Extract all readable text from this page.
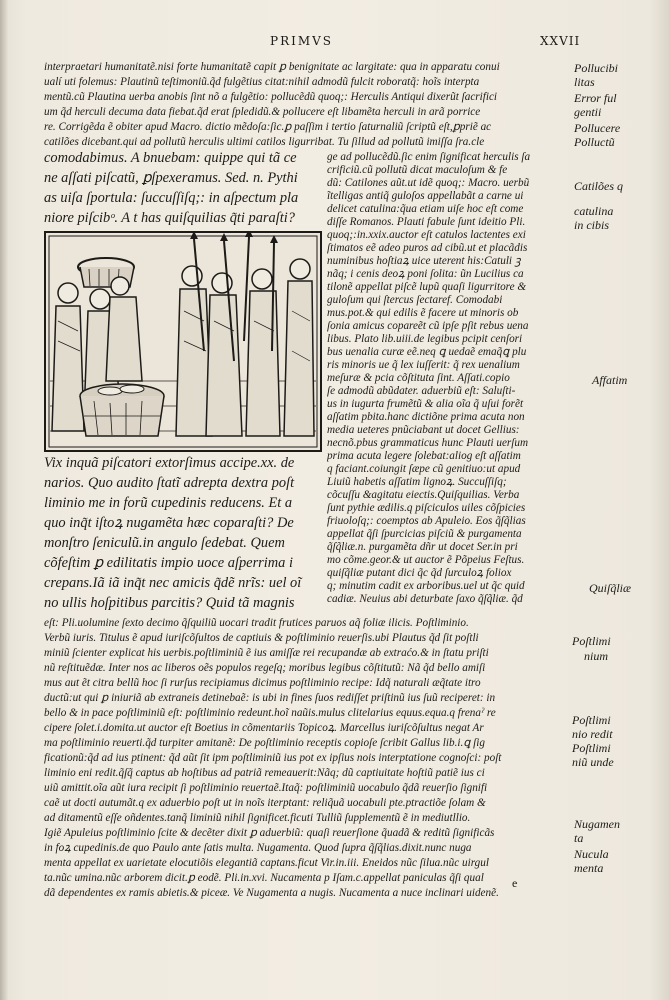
PRIMVS	XXVII
interpraetari humanitatẽ.nisi forte humanitatẽ capit ꝑ benignitate ac largitate: qua in apparatu conui
ualí uti folemus: Plautinũ teſtimoniũ.q̃d fulgẽtius citat:nihil admodũ fulcit roboratq̃: hoĩs interpta
mentũ.cũ Plautina uerba anobis ſint nõ a fulgẽtio: pollucẽdũ quoq;: Herculis Antiqui dixerũt ſacrifici
um q̃d herculi decuma data fiebat.q̃d erat ſpledidũ.& pollucere eſt libamẽta herculi in arã porrice
re. Corrigẽda ẽ obiter apud Macro. dictio mẽdoſa:ſic.ꝑ paſſim i tertio ſaturnaliũ ſcriptũ eſt,ꝑpriẽ ac
catilões dicebant.qui ad pollutũ herculis ultimi catilos ligurribat. Tu ſillud ad pollutũ imiſſa ſra.cle
comodabimus. A bnuebam: quippe qui tã ce
ne aſſati piſcatũ, ꝑſpexeramus. Sed. n. Pythi
as uiſa ſportula: ſuccuſſiſq;: in aſpectum pla
niore piſcibᵒ. A t has quiſquilias q̃ti paraſti?
ge ad pollucẽdũ.ſic enim ſignificat herculis ſa
crificiũ.cũ pollutũ dicat maculoſum & fe
dũ: Catilones aũt.ut idẽ quoq;: Macro. uerbũ
ĩtelligas antiq̃ guloſos appellabãt a carne ui
delicet catulina:q̃ua etiam uiſe hoc eſt come
diſſe Romanos. Plauti fabule ſunt ideitio Pli.
quoq;:in.xxix.auctor eſt catulos lactentes exi
ſtimatos eẽ adeo puros ad cibũ.ut et placãdis
numinibus hoſtiaꝝ uice uterent his:Catuli ꝫ
nãq; i cenis deoꝝ poni ſolita: ũn Lucilius ca
tilonẽ appellat piſcẽ lupũ quaſi ligurritore &
guloſum qui ſtercus ſectaref. Comodabi
mus.pot.& qui edilis ẽ facere ut minoris ob
ſonia amicus copareẽt cũ ipſe pſit rebus uena
libus. Plato lib.uiii.de legibus pcipit cenſori
bus uenalia curæ eẽ.neq ꝗ uedaẽ emaq̃ꝗ plu
ris minoris ue q̃ lex iuſſerit: q̃ rex uenalium
meſuræ & pcia cõſtituta ſint. Aſſati.copio
ſe admodũ abũdater. aduerbiũ eſt: Saluſti-
us in iugurta frumẽtũ & alia oĩa q̃ uſui forẽt
aſſatim pbita.hanc dictiõne prima acuta non
media ueteres pnũciabant ut docet Gellius:
necnõ.pbus grammaticus hunc Plauti uerſum
prima acuta legere ſolebat:aliog eſt aſſatim
q faciant.coiungit ſæpe cũ genitiuo:ut apud
Liuiũ habetis aſſatim lignoꝝ. Succuſſiſq;
cõcuſſu &agitatu eiectis.Quiſquilias. Verba
ſunt pythie ædilis.q piſciculos uiles cõſpicies
friuoloſq;: coemptos ab Apuleio. Eos q̃ſq̃lias
appellat q̃ſi ſpurcicias piſciũ & purgamenta
q̃ſq̃liæ.n. purgamẽta dñr ut docet Ser.in pri
mo cõme.geor.& ut auctor ẽ Põpeius Feſtus.
quiſq̃liæ putant dici q̃c q̃d ſurculoꝝ foliox
q; minutim cadit ex arboribus.uel ut q̃c quid
cadiæ. Neuius abi deturbate ſaxo q̃ſq̃liæ. q̃d
Vix inquã piſcatori extorſimus accipe.xx. de
narios. Quo audito ſtatĩ adrepta dextra poſt
liminio me in forũ cupedinis reducens. Et a
quo inq̃t iſtoꝝ nugamẽta hæc coparaſti? De
monſtro ſeniculũ.in angulo ſedebat. Quem
cõfeſtim ꝑ edilitatis impio uoce aſperrima i
crepans.Iã iã inq̃t nec amicis q̃dẽ nrĩs: uel oĩ
no ullis hoſpitibus parcitis? Quid tã magnis
eſt: Pli.uolumine ſexto decimo q̃ſquiliũ uocari tradit frutices paruos aq̃ foliæ ilicis. Poſtliminio.
Verbũ iuris. Titulus ẽ apud iuriſcõſultos de captiuis & poſtliminio reuerſis.ubi Plautus q̃d ſit poſtli
miniũ ſcienter explicat his uerbis.poſtliminiũ ẽ ius amiſſæ rei recupandæ ab extraćo.& in ſtatu priſti
nũ reſtituẽdæ. Inter nos ac liberos oẽs populos regeſq; moribus legibus cõſtitutũ: Nã q̃d bello amiſi
mus aut ẽt citra bellũ hoc ſi rurſus recipiamus dicimus poſtliminio recipe: Idq̃ naturali æq̃tate itro
ductũ:ut qui ꝑ iniuriã ab extraneis detinebaẽ: is ubi in fines ſuos rediſſet priſtinũ ius ſuũ reciperet: in
bello & in pace poſtliminiũ eſt: poſtliminio redeunt.hoĩ naũis.mulus clitelarius equus.equa.q frenaˀ re
cipere ſolet.i.domita.ut auctor eſt Boetius in cõmentariis Topicoꝝ. Marcellus iuriſcõſultus negat Ar
ma poſtliminio reuerti.q̃d turpiter amitanẽ: De poſtliminio receptis copioſe ſcribit Gallus lib.i.ꝗ ſig
ficationũ:q̃d ad ius ptinent: q̃d aũt ſit ipm poſtliminiũ ius pot ex ipſius nois interptatione cognoſci: poſt
liminio eni redit.q̃ſq̃ captus ab hoſtibus ad patriã remeauerit:Nãq; dũ captiuitate hoſtiũ patiẽ ius ci
uiũ amittit.oĩa aũt iura recipit ſi poſtliminio reuertaẽ.Itaq̃: poſtliminiũ uocabulo q̃dã reuerſio ſignifi
caẽ ut docti autumãt.q ex aduerbio poſt ut in noĩs iterptant: reliq̃uã uocabuli pte.ptractiõe ſolam &
ad ditamentũ eſſe oñdentes.tanq̃ liminiũ nihil ſignificet.ficuti Tulliũ ſupplementũ ẽ in mediutllio.
Igiẽ Apuleius poſtliminio ſcite & decẽter dixit ꝑ aduerbiũ: quaſi reuerſione q̃uadã & reditũ ſignificãs
in foꝝ cupedinis.de quo Paulo ante ſatis multa. Nugamenta. Quod ſupra q̃ſq̃lias.dixit.nunc nuga
menta appellat ex uarietate elocutiõis elegantiã captans.ficut Vir.in.iii. Eneidos nũc ſilua.nũc uirgul
ta.nũc umina.nũc arborem dicit.ꝑ eodẽ. Pli.in.xvi. Nucamenta p Iſam.c.appellat paniculas q̃ſi qual
dã dependentes ex ramis abietis.& piceæ. Ve Nugamenta a nugis. Nucamenta a nuce inclinari uidenẽ.
Pollucibi
litas
Error ful
gentii
Pollucere
Polluctũ
Catilões q
catulina
in cibis
Affatim
Quiſq̃liæ
Poſtlimi
nium
Poſtlimi
nio redit
Poſtlimi
niũ unde
Nugamen
ta
Nucula
menta
e
